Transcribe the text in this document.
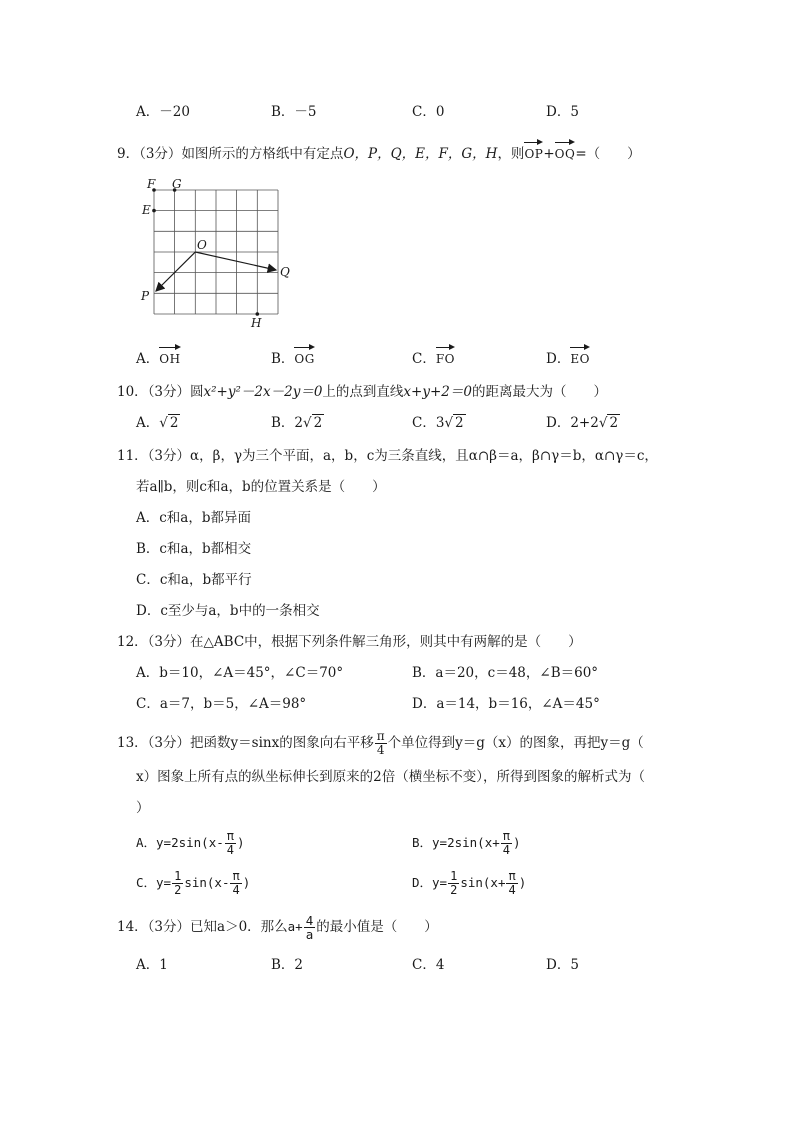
A．－20	B．－5	C．0	D．5
9．（3分）如图所示的方格纸中有定点O，P，Q，E，F，G，H，则OP+OQ=（　　）
F G
E
O
Q
P
H
A．OH	B．OG	C．FO	D．EO
10．（3分）圆x²+y²－2x－2y＝0上的点到直线x+y+2＝0的距离最大为（　　）
A．√ 2	B．2√ 2	C．3√ 2	D．2+2√ 2
11．（3分）α，β，γ为三个平面，a，b，c为三条直线，且α∩β＝a，β∩γ＝b，α∩γ＝c，
若a∥b，则c和a，b的位置关系是（　　）
A．c和a，b都异面
B．c和a，b都相交
C．c和a，b都平行
D．c至少与a，b中的一条相交
12．（3分）在△ABC中，根据下列条件解三角形，则其中有两解的是（　　）
A．b＝10，∠A＝45°，∠C＝70°	B．a＝20，c＝48，∠B＝60°
C．a＝7，b＝5，∠A＝98°	D．a＝14，b＝16，∠A＝45°
13．（3分）把函数y＝sinx的图象向右平移 $\frac{\pi}{4}$ 个单位得到y＝g（x）的图象，再把y＝g（
x）图象上所有点的纵坐标伸长到原来的2倍（横坐标不变），所得到图象的解析式为（
）
A．$y=2\sin(x- \frac{\pi}{4}$ )	B．$y=2\sin(x+ \frac{\pi}{4}$ )
C．$y= \frac{1}{2} \sin(x- \frac{\pi}{4}$ )	D．$y= \frac{1}{2} \sin(x+ \frac{\pi}{4}$ )
14．（3分）已知a＞0．那么$a+ \frac{4}{a}$ 的最小值是（　　）
A．1	B．2	C．4	D．5
